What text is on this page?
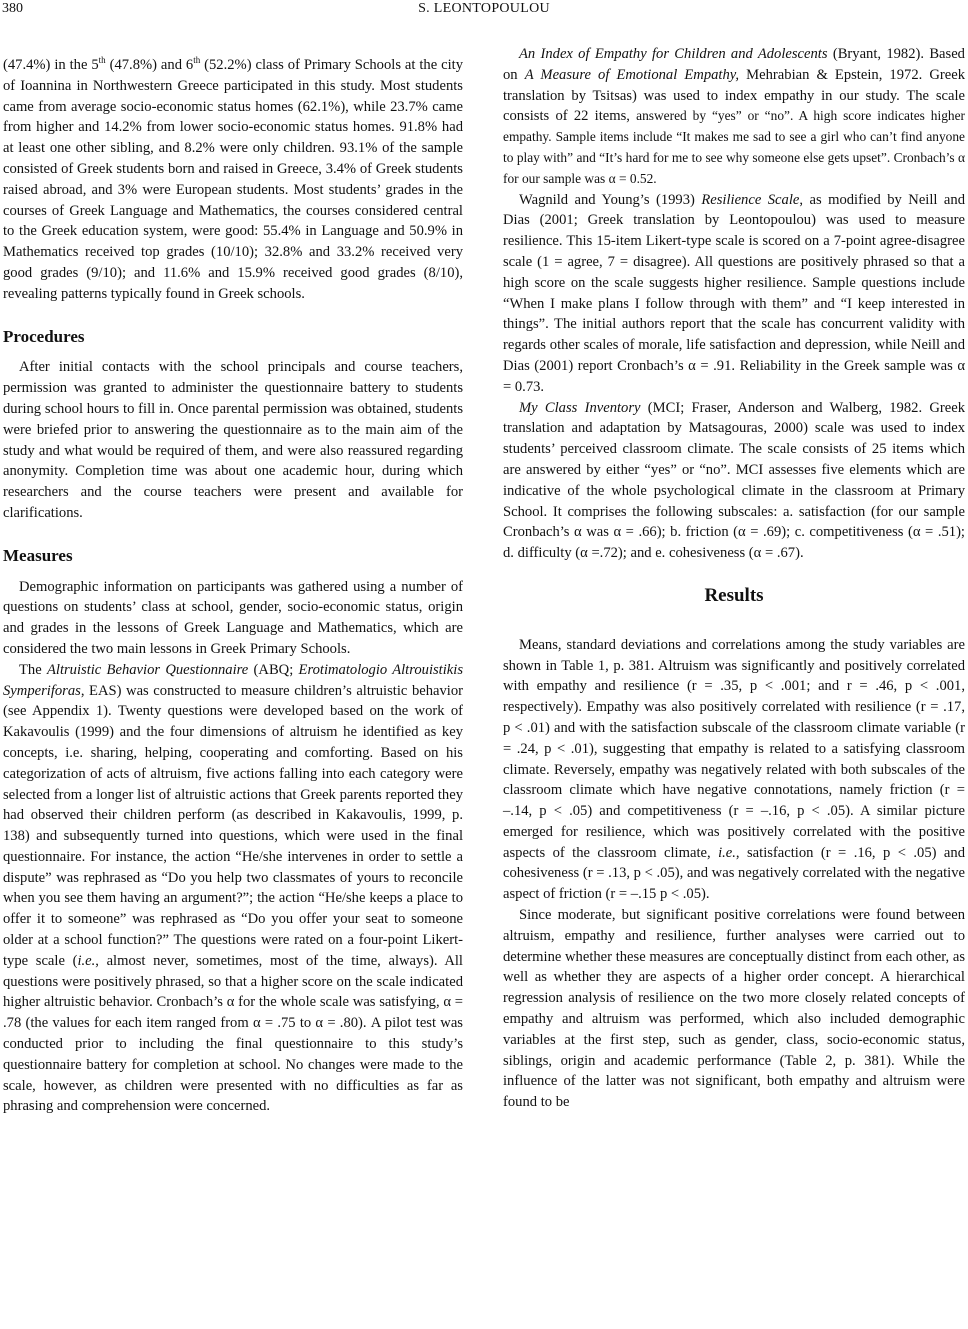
380	S. LEONTOPOULOU

(47.4%) in the 5th (47.8%) and 6th (52.2%) class of Primary Schools at the city of Ioannina in Northwestern Greece participated in this study. Most students came from average socio-economic status homes (62.1%), while 23.7% came from higher and 14.2% from lower socio-economic status homes. 91.8% had at least one other sibling, and 8.2% were only children. 93.1% of the sample consisted of Greek students born and raised in Greece, 3.4% of Greek students raised abroad, and 3% were European students. Most students’ grades in the courses of Greek Language and Mathematics, the courses considered central to the Greek education system, were good: 55.4% in Language and 50.9% in Mathematics received top grades (10/10); 32.8% and 33.2% received very good grades (9/10); and 11.6% and 15.9% received good grades (8/10), revealing patterns typically found in Greek schools.

Procedures

After initial contacts with the school principals and course teachers, permission was granted to administer the questionnaire battery to students during school hours to fill in. Once parental permission was obtained, students were briefed prior to answering the questionnaire as to the main aim of the study and what would be required of them, and were also reassured regarding anonymity. Completion time was about one academic hour, during which researchers and the course teachers were present and available for clarifications.

Measures

Demographic information on participants was gathered using a number of questions on students’ class at school, gender, socio-economic status, origin and grades in the lessons of Greek Language and Mathematics, which are considered the two main lessons in Greek Primary Schools.

The Altruistic Behavior Questionnaire (ABQ; Erotimatologio Altrouistikis Symperiforas, EAS) was constructed to measure children’s altruistic behavior (see Appendix 1). Twenty questions were developed based on the work of Kakavoulis (1999) and the four dimensions of altruism he identified as key concepts, i.e. sharing, helping, cooperating and comforting. Based on his categorization of acts of altruism, five actions falling into each category were selected from a longer list of altruistic actions that Greek parents reported they had observed their children perform (as described in Kakavoulis, 1999, p. 138) and subsequently turned into questions, which were used in the final questionnaire. For instance, the action “He/she intervenes in order to settle a dispute” was rephrased as “Do you help two classmates of yours to reconcile when you see them having an argument?”; the action “He/she keeps a place to offer it to someone” was rephrased as “Do you offer your seat to someone older at a school function?” The questions were rated on a four-point Likert-type scale (i.e., almost never, sometimes, most of the time, always). All questions were positively phrased, so that a higher score on the scale indicated higher altruistic behavior. Cronbach’s α for the whole scale was satisfying, α = .78 (the values for each item ranged from α = .75 to α = .80). A pilot test was conducted prior to including the final questionnaire to this study’s questionnaire battery for completion at school. No changes were made to the scale, however, as children were presented with no difficulties as far as phrasing and comprehension were concerned.

An Index of Empathy for Children and Adolescents (Bryant, 1982). Based on A Measure of Emotional Empathy, Mehrabian & Epstein, 1972. Greek translation by Tsitsas) was used to index empathy in our study. The scale consists of 22 items, answered by “yes” or “no”. A high score indicates higher empathy. Sample items include “It makes me sad to see a girl who can’t find anyone to play with” and “It’s hard for me to see why someone else gets upset”. Cronbach’s α for our sample was α = 0.52.

Wagnild and Young’s (1993) Resilience Scale, as modified by Neill and Dias (2001; Greek translation by Leontopoulou) was used to measure resilience. This 15-item Likert-type scale is scored on a 7-point agree-disagree scale (1 = agree, 7 = disagree). All questions are positively phrased so that a high score on the scale suggests higher resilience. Sample questions include “When I make plans I follow through with them” and “I keep interested in things”. The initial authors report that the scale has concurrent validity with regards other scales of morale, life satisfaction and depression, while Neill and Dias (2001) report Cronbach’s α = .91. Reliability in the Greek sample was α = 0.73.

My Class Inventory (MCI; Fraser, Anderson and Walberg, 1982. Greek translation and adaptation by Matsagouras, 2000) scale was used to index students’ perceived classroom climate. The scale consists of 25 items which are answered by either “yes” or “no”. MCI assesses five elements which are indicative of the whole psychological climate in the classroom at Primary School. It comprises the following subscales: a. satisfaction (for our sample Cronbach’s α was α = .66); b. friction (α = .69); c. competitiveness (α = .51); d. difficulty (α =.72); and e. cohesiveness (α = .67).

Results

Means, standard deviations and correlations among the study variables are shown in Table 1, p. 381. Altruism was significantly and positively correlated with empathy and resilience (r = .35, p < .001; and r = .46, p < .001, respectively). Empathy was also positively correlated with resilience (r = .17, p < .01) and with the satisfaction subscale of the classroom climate variable (r = .24, p < .01), suggesting that empathy is related to a satisfying classroom climate. Reversely, empathy was negatively related with both subscales of the classroom climate which have negative connotations, namely friction (r = –.14, p < .05) and competitiveness (r = –.16, p < .05). A similar picture emerged for resilience, which was positively correlated with the positive aspects of the classroom climate, i.e., satisfaction (r = .16, p < .05) and cohesiveness (r = .13, p < .05), and was negatively correlated with the negative aspect of friction (r = –.15 p < .05).

Since moderate, but significant positive correlations were found between altruism, empathy and resilience, further analyses were carried out to determine whether these measures are conceptually distinct from each other, as well as whether they are aspects of a higher order concept. A hierarchical regression analysis of resilience on the two more closely related concepts of empathy and altruism was performed, which also included demographic variables at the first step, such as gender, class, socio-economic status, siblings, origin and academic performance (Table 2, p. 381). While the influence of the latter was not significant, both empathy and altruism were found to be
